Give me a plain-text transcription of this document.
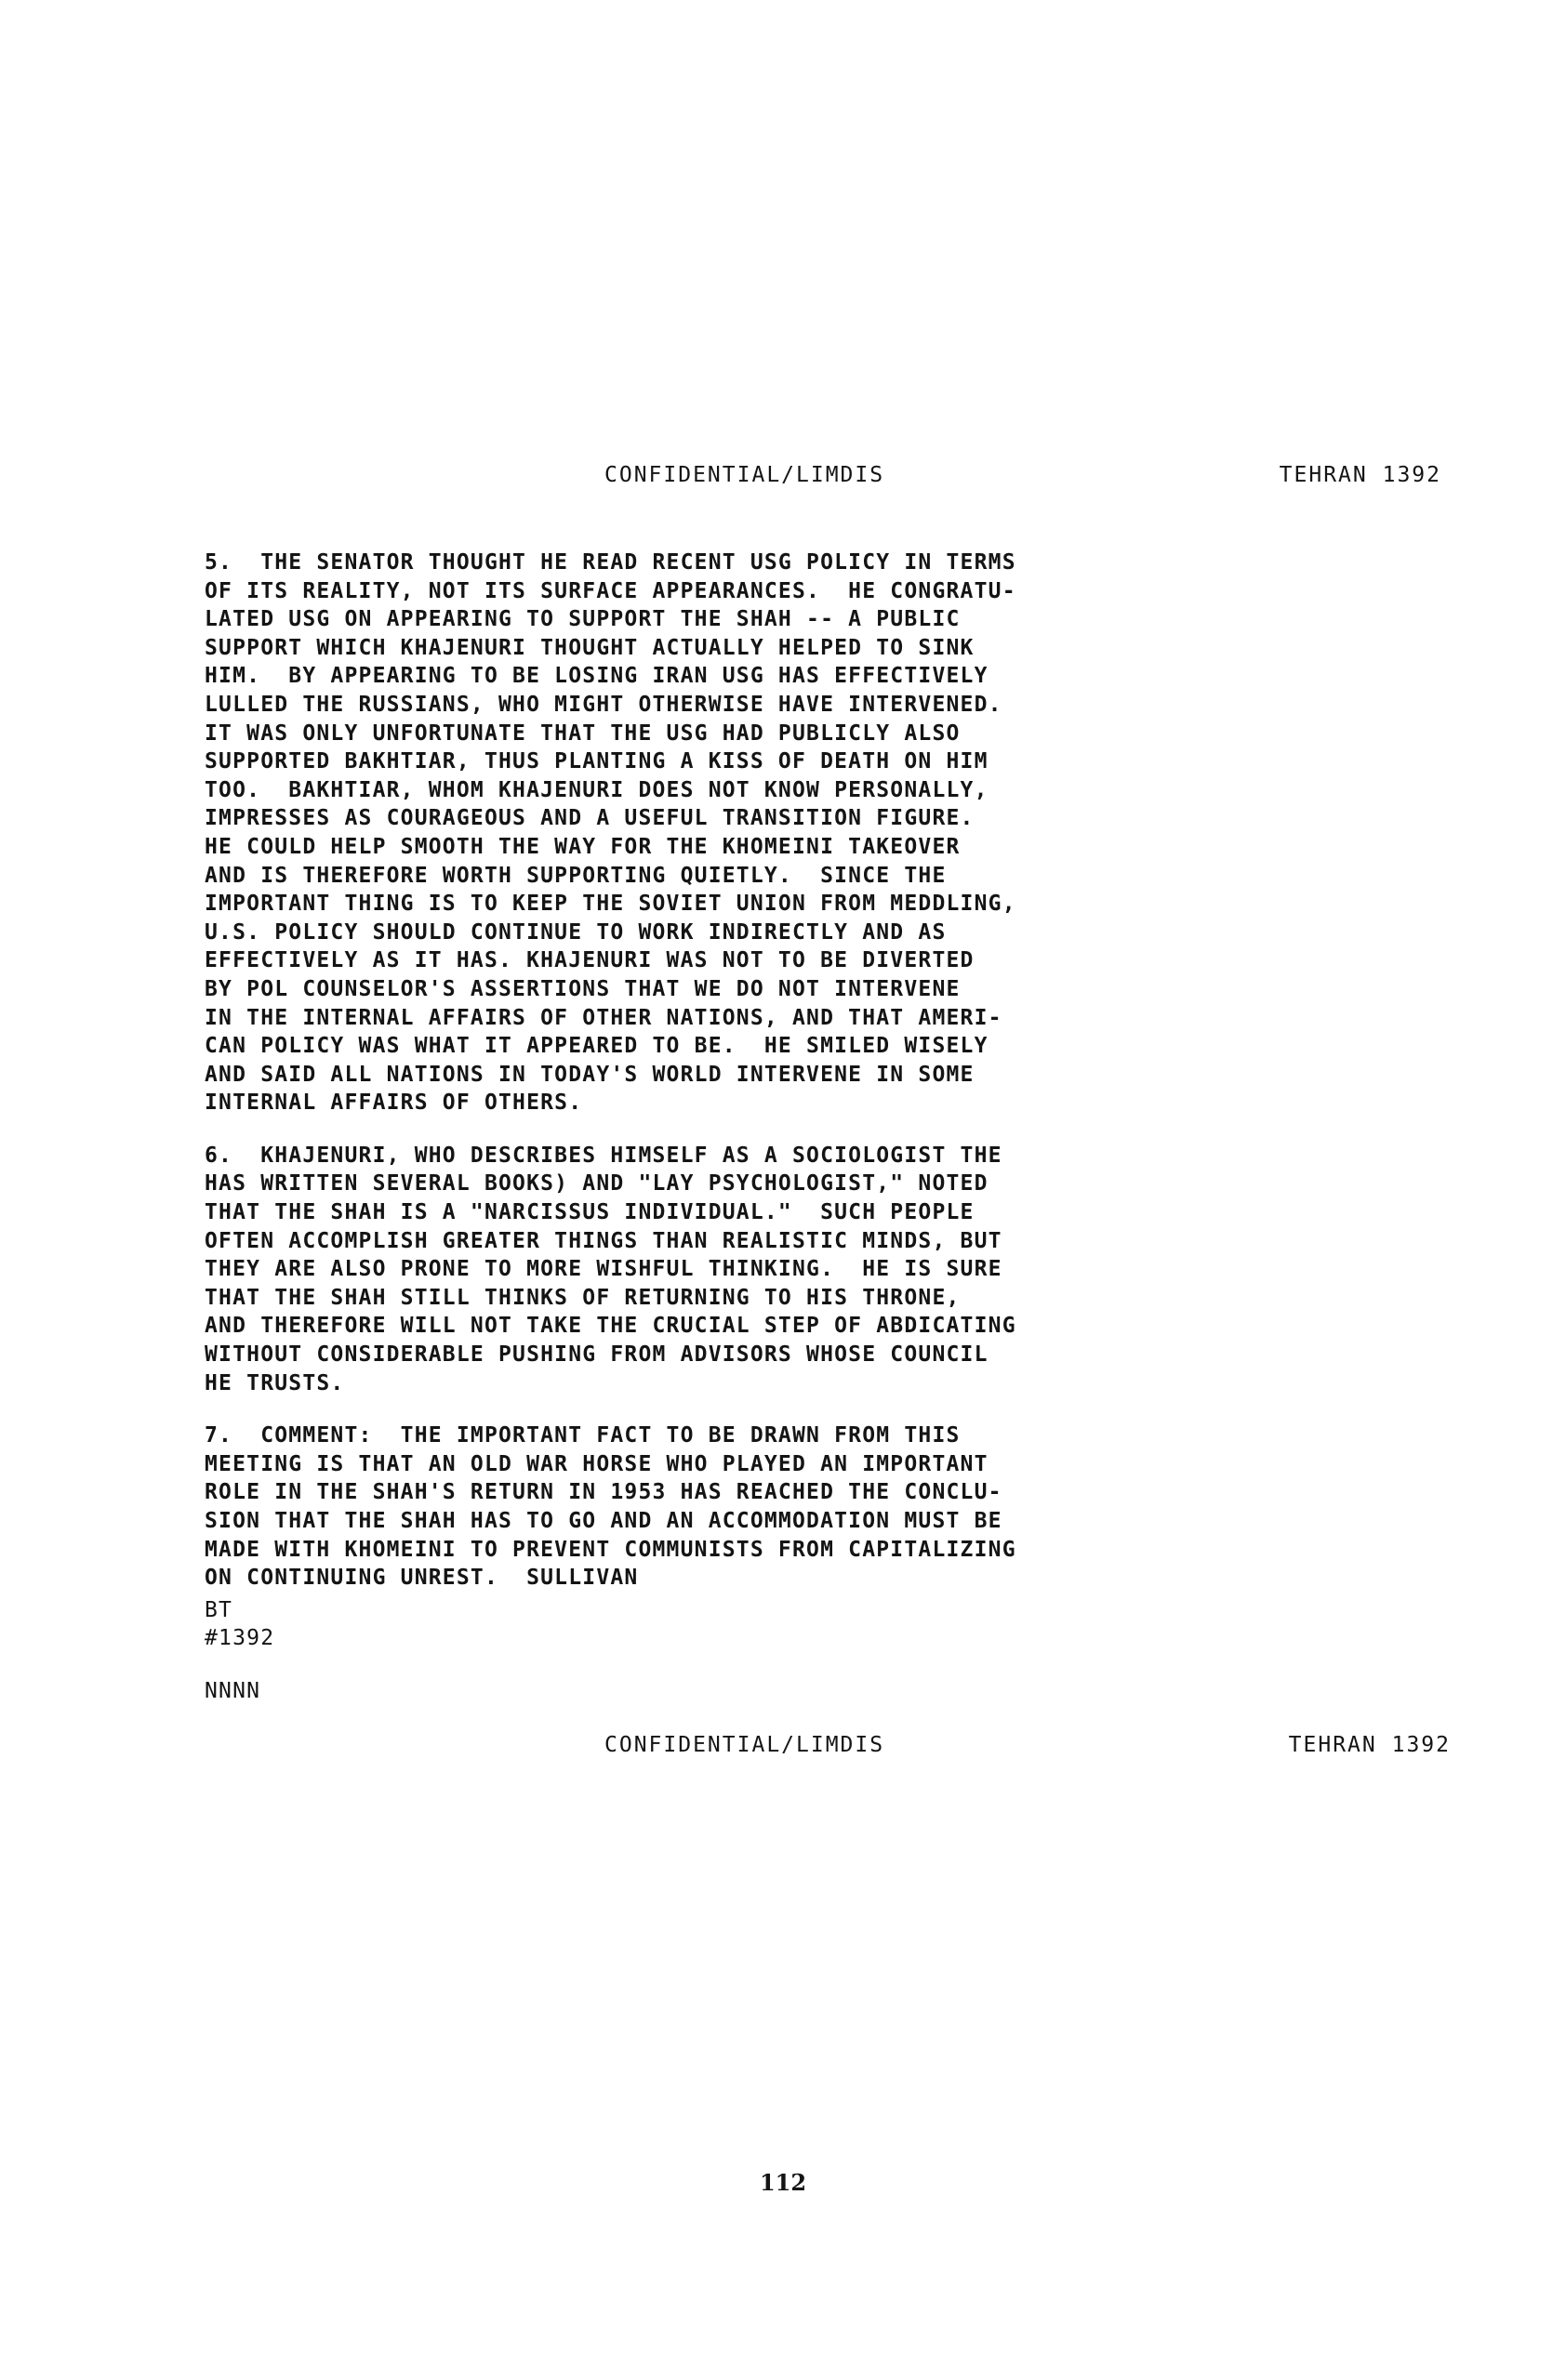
CONFIDENTIAL/LIMDIS	TEHRAN 1392
5.  THE SENATOR THOUGHT HE READ RECENT USG POLICY IN TERMS
OF ITS REALITY, NOT ITS SURFACE APPEARANCES.  HE CONGRATU-
LATED USG ON APPEARING TO SUPPORT THE SHAH -- A PUBLIC
SUPPORT WHICH KHAJENURI THOUGHT ACTUALLY HELPED TO SINK
HIM.  BY APPEARING TO BE LOSING IRAN USG HAS EFFECTIVELY
LULLED THE RUSSIANS, WHO MIGHT OTHERWISE HAVE INTERVENED.
IT WAS ONLY UNFORTUNATE THAT THE USG HAD PUBLICLY ALSO
SUPPORTED BAKHTIAR, THUS PLANTING A KISS OF DEATH ON HIM
TOO.  BAKHTIAR, WHOM KHAJENURI DOES NOT KNOW PERSONALLY,
IMPRESSES AS COURAGEOUS AND A USEFUL TRANSITION FIGURE.
HE COULD HELP SMOOTH THE WAY FOR THE KHOMEINI TAKEOVER
AND IS THEREFORE WORTH SUPPORTING QUIETLY.  SINCE THE
IMPORTANT THING IS TO KEEP THE SOVIET UNION FROM MEDDLING,
U.S. POLICY SHOULD CONTINUE TO WORK INDIRECTLY AND AS
EFFECTIVELY AS IT HAS. KHAJENURI WAS NOT TO BE DIVERTED
BY POL COUNSELOR'S ASSERTIONS THAT WE DO NOT INTERVENE
IN THE INTERNAL AFFAIRS OF OTHER NATIONS, AND THAT AMERI-
CAN POLICY WAS WHAT IT APPEARED TO BE.  HE SMILED WISELY
AND SAID ALL NATIONS IN TODAY'S WORLD INTERVENE IN SOME
INTERNAL AFFAIRS OF OTHERS.
6.  KHAJENURI, WHO DESCRIBES HIMSELF AS A SOCIOLOGIST THE
HAS WRITTEN SEVERAL BOOKS) AND "LAY PSYCHOLOGIST," NOTED
THAT THE SHAH IS A "NARCISSUS INDIVIDUAL."  SUCH PEOPLE
OFTEN ACCOMPLISH GREATER THINGS THAN REALISTIC MINDS, BUT
THEY ARE ALSO PRONE TO MORE WISHFUL THINKING.  HE IS SURE
THAT THE SHAH STILL THINKS OF RETURNING TO HIS THRONE,
AND THEREFORE WILL NOT TAKE THE CRUCIAL STEP OF ABDICATING
WITHOUT CONSIDERABLE PUSHING FROM ADVISORS WHOSE COUNCIL
HE TRUSTS.
7.  COMMENT:  THE IMPORTANT FACT TO BE DRAWN FROM THIS
MEETING IS THAT AN OLD WAR HORSE WHO PLAYED AN IMPORTANT
ROLE IN THE SHAH'S RETURN IN 1953 HAS REACHED THE CONCLU-
SION THAT THE SHAH HAS TO GO AND AN ACCOMMODATION MUST BE
MADE WITH KHOMEINI TO PREVENT COMMUNISTS FROM CAPITALIZING
ON CONTINUING UNREST.  SULLIVAN
BT
#1392
NNNN
CONFIDENTIAL/LIMDIS	TEHRAN 1392
112
